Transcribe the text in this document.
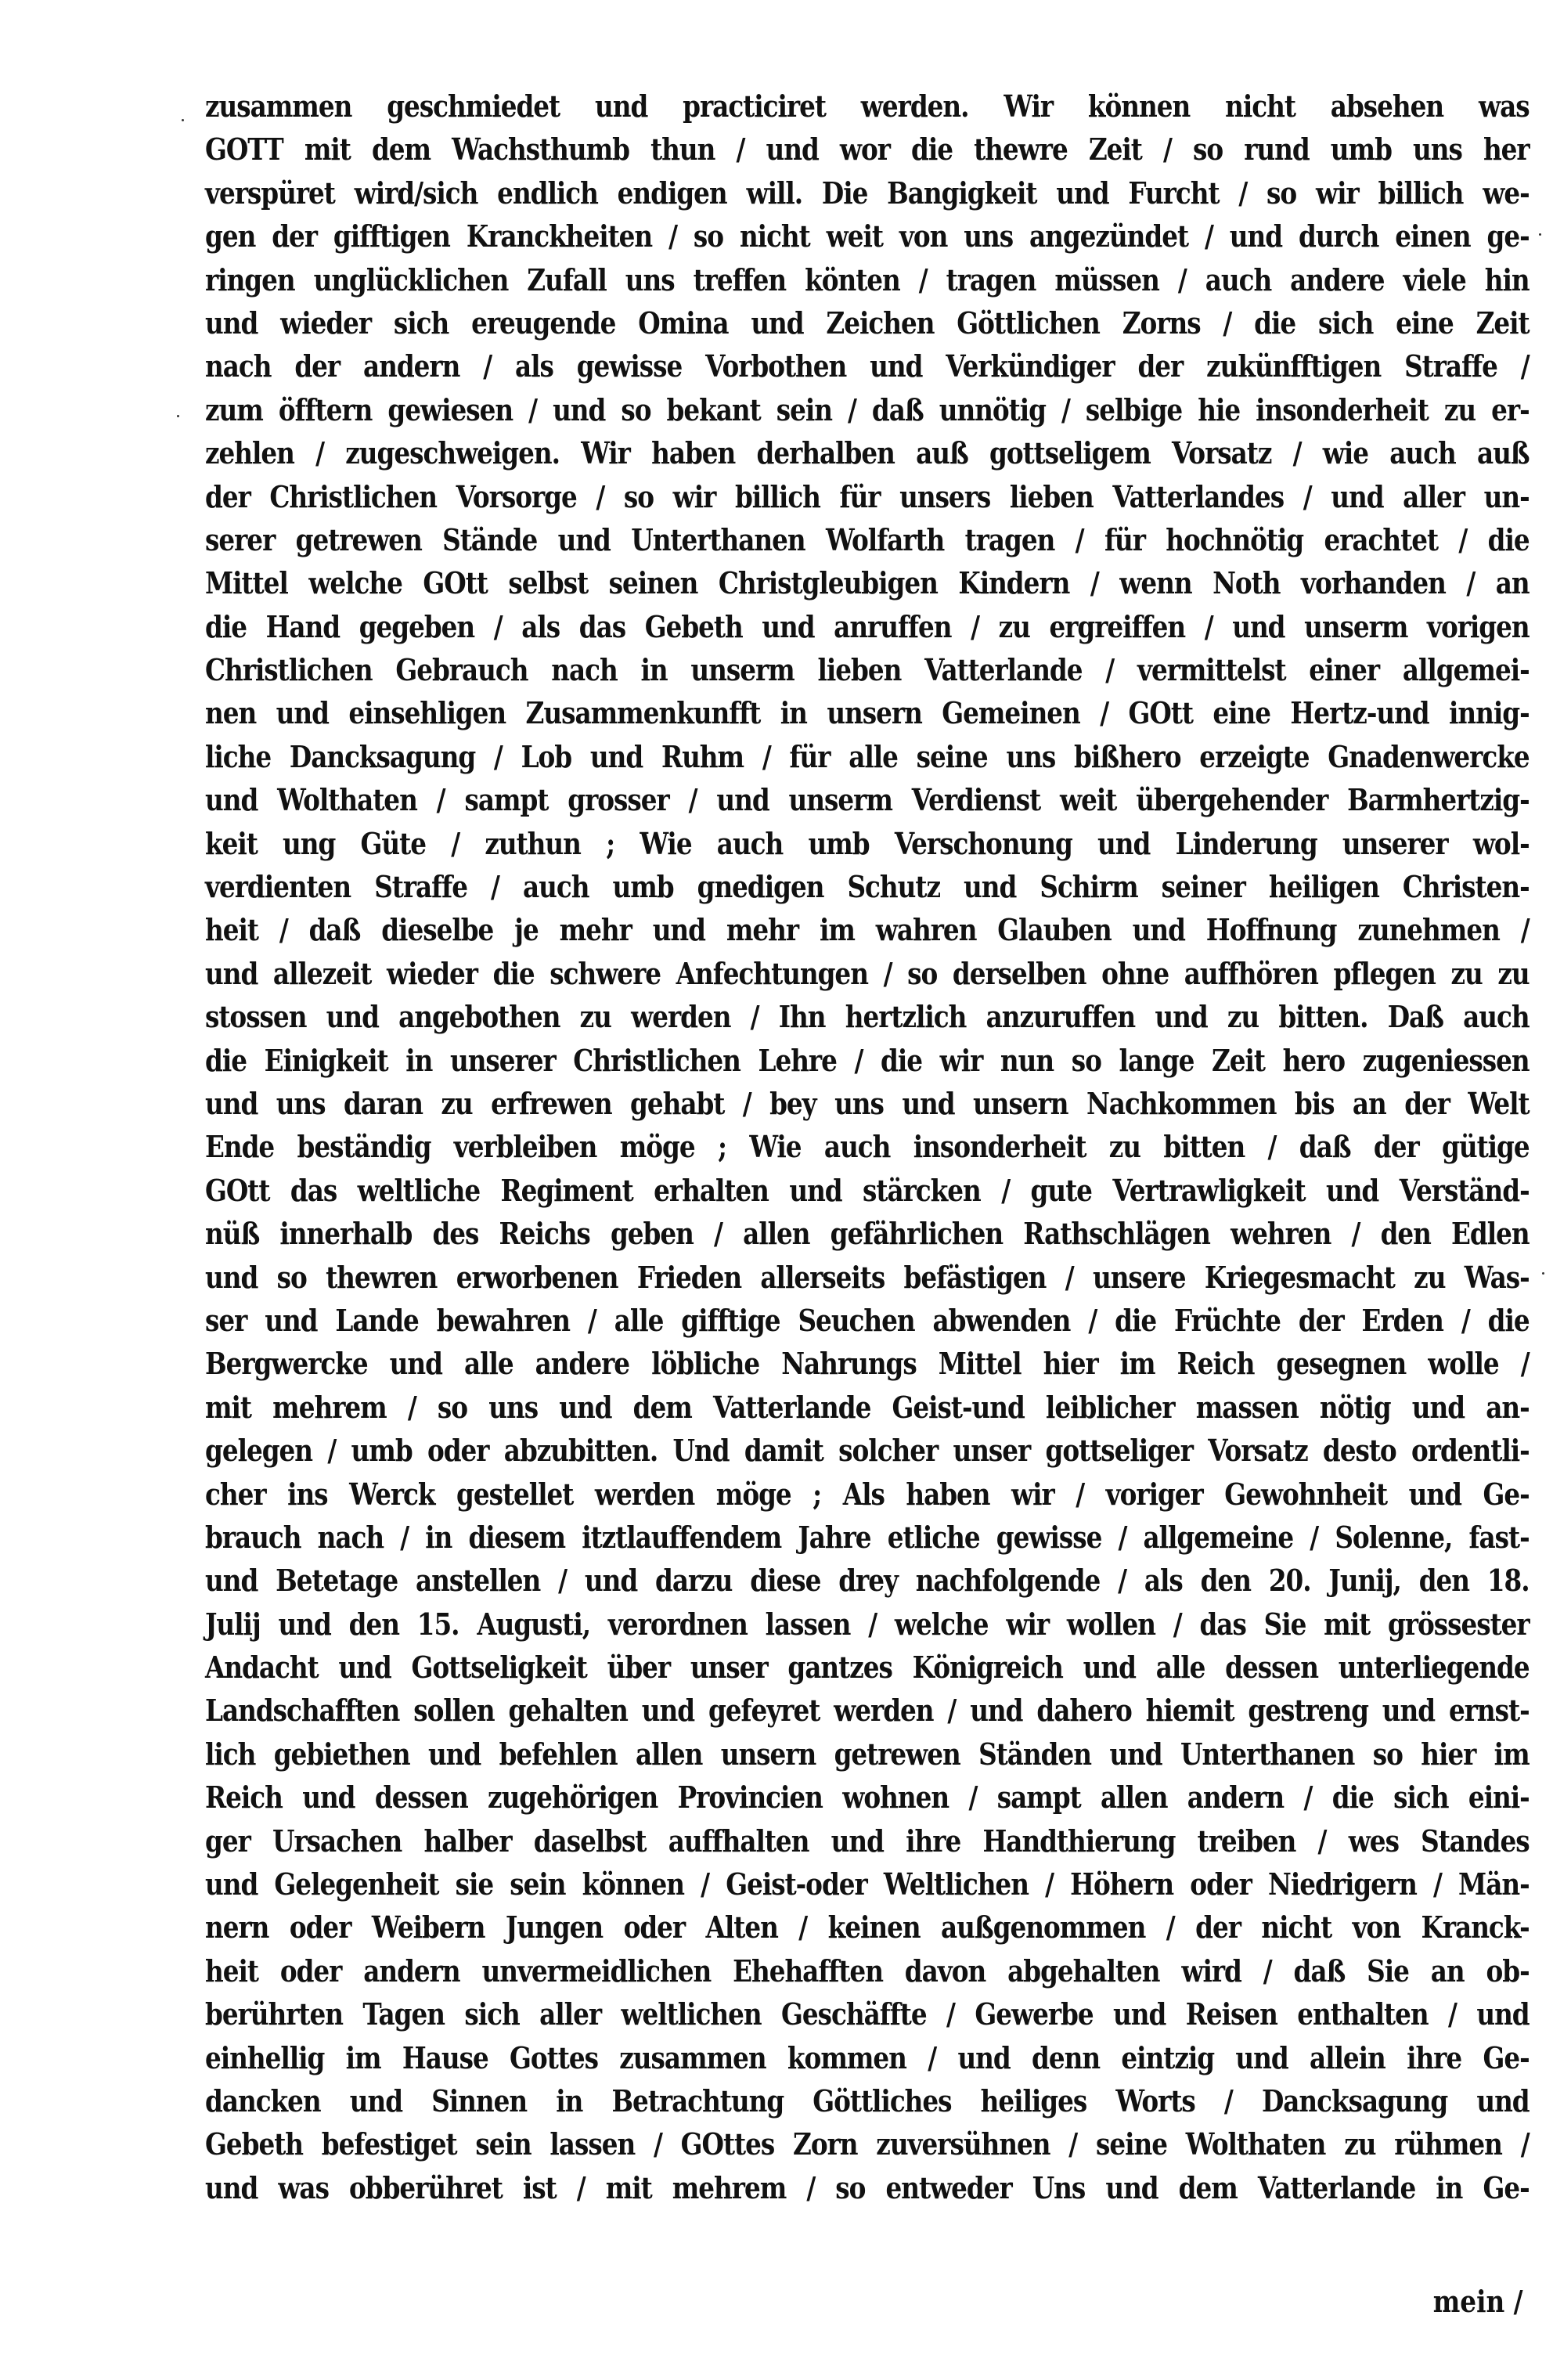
zusammen geschmiedet und practiciret werden. Wir können nicht absehen was
GOTT mit dem Wachsthumb thun / und wor die thewre Zeit / so rund umb uns her
verspüret wird/sich endlich endigen will. Die Bangigkeit und Furcht / so wir billich we-
gen der gifftigen Kranckheiten / so nicht weit von uns angezündet / und durch einen ge-
ringen unglücklichen Zufall uns treffen könten / tragen müssen / auch andere viele hin
und wieder sich ereugende Omina und Zeichen Göttlichen Zorns / die sich eine Zeit
nach der andern / als gewisse Vorbothen und Verkündiger der zukünfftigen Straffe /
zum öfftern gewiesen / und so bekant sein / daß unnötig / selbige hie insonderheit zu er-
zehlen / zugeschweigen. Wir haben derhalben auß gottseligem Vorsatz / wie auch auß
der Christlichen Vorsorge / so wir billich für unsers lieben Vatterlandes / und aller un-
serer getrewen Stände und Unterthanen Wolfarth tragen / für hochnötig erachtet / die
Mittel welche GOtt selbst seinen Christgleubigen Kindern / wenn Noth vorhanden / an
die Hand gegeben / als das Gebeth und anruffen / zu ergreiffen / und unserm vorigen
Christlichen Gebrauch nach in unserm lieben Vatterlande / vermittelst einer allgemei-
nen und einsehligen Zusammenkunfft in unsern Gemeinen / GOtt eine Hertz-und innig-
liche Dancksagung / Lob und Ruhm / für alle seine uns bißhero erzeigte Gnadenwercke
und Wolthaten / sampt grosser / und unserm Verdienst weit übergehender Barmhertzig-
keit ung Güte / zuthun ; Wie auch umb Verschonung und Linderung unserer wol-
verdienten Straffe / auch umb gnedigen Schutz und Schirm seiner heiligen Christen-
heit / daß dieselbe je mehr und mehr im wahren Glauben und Hoffnung zunehmen /
und allezeit wieder die schwere Anfechtungen / so derselben ohne auffhören pflegen zu zu
stossen und angebothen zu werden / Ihn hertzlich anzuruffen und zu bitten. Daß auch
die Einigkeit in unserer Christlichen Lehre / die wir nun so lange Zeit hero zugeniessen
und uns daran zu erfrewen gehabt / bey uns und unsern Nachkommen bis an der Welt
Ende beständig verbleiben möge ; Wie auch insonderheit zu bitten / daß der gütige
GOtt das weltliche Regiment erhalten und stärcken / gute Vertrawligkeit und Verständ-
nüß innerhalb des Reichs geben / allen gefährlichen Rathschlägen wehren / den Edlen
und so thewren erworbenen Frieden allerseits befästigen / unsere Kriegesmacht zu Was-
ser und Lande bewahren / alle gifftige Seuchen abwenden / die Früchte der Erden / die
Bergwercke und alle andere löbliche Nahrungs Mittel hier im Reich gesegnen wolle /
mit mehrem / so uns und dem Vatterlande Geist-und leiblicher massen nötig und an-
gelegen / umb oder abzubitten. Und damit solcher unser gottseliger Vorsatz desto ordentli-
cher ins Werck gestellet werden möge ; Als haben wir / voriger Gewohnheit und Ge-
brauch nach / in diesem itztlauffendem Jahre etliche gewisse / allgemeine / Solenne, fast-
und Betetage anstellen / und darzu diese drey nachfolgende / als den 20. Junij, den 18.
Julij und den 15. Augusti, verordnen lassen / welche wir wollen / das Sie mit grössester
Andacht und Gottseligkeit über unser gantzes Königreich und alle dessen unterliegende
Landschafften sollen gehalten und gefeyret werden / und dahero hiemit gestreng und ernst-
lich gebiethen und befehlen allen unsern getrewen Ständen und Unterthanen so hier im
Reich und dessen zugehörigen Provincien wohnen / sampt allen andern / die sich eini-
ger Ursachen halber daselbst auffhalten und ihre Handthierung treiben / wes Standes
und Gelegenheit sie sein können / Geist-oder Weltlichen / Höhern oder Niedrigern / Män-
nern oder Weibern Jungen oder Alten / keinen außgenommen / der nicht von Kranck-
heit oder andern unvermeidlichen Ehehafften davon abgehalten wird / daß Sie an ob-
berührten Tagen sich aller weltlichen Geschäffte / Gewerbe und Reisen enthalten / und
einhellig im Hause Gottes zusammen kommen / und denn eintzig und allein ihre Ge-
dancken und Sinnen in Betrachtung Göttliches heiliges Worts / Dancksagung und
Gebeth befestiget sein lassen / GOttes Zorn zuversühnen / seine Wolthaten zu rühmen /
und was obberühret ist / mit mehrem / so entweder Uns und dem Vatterlande in Ge-
mein /
